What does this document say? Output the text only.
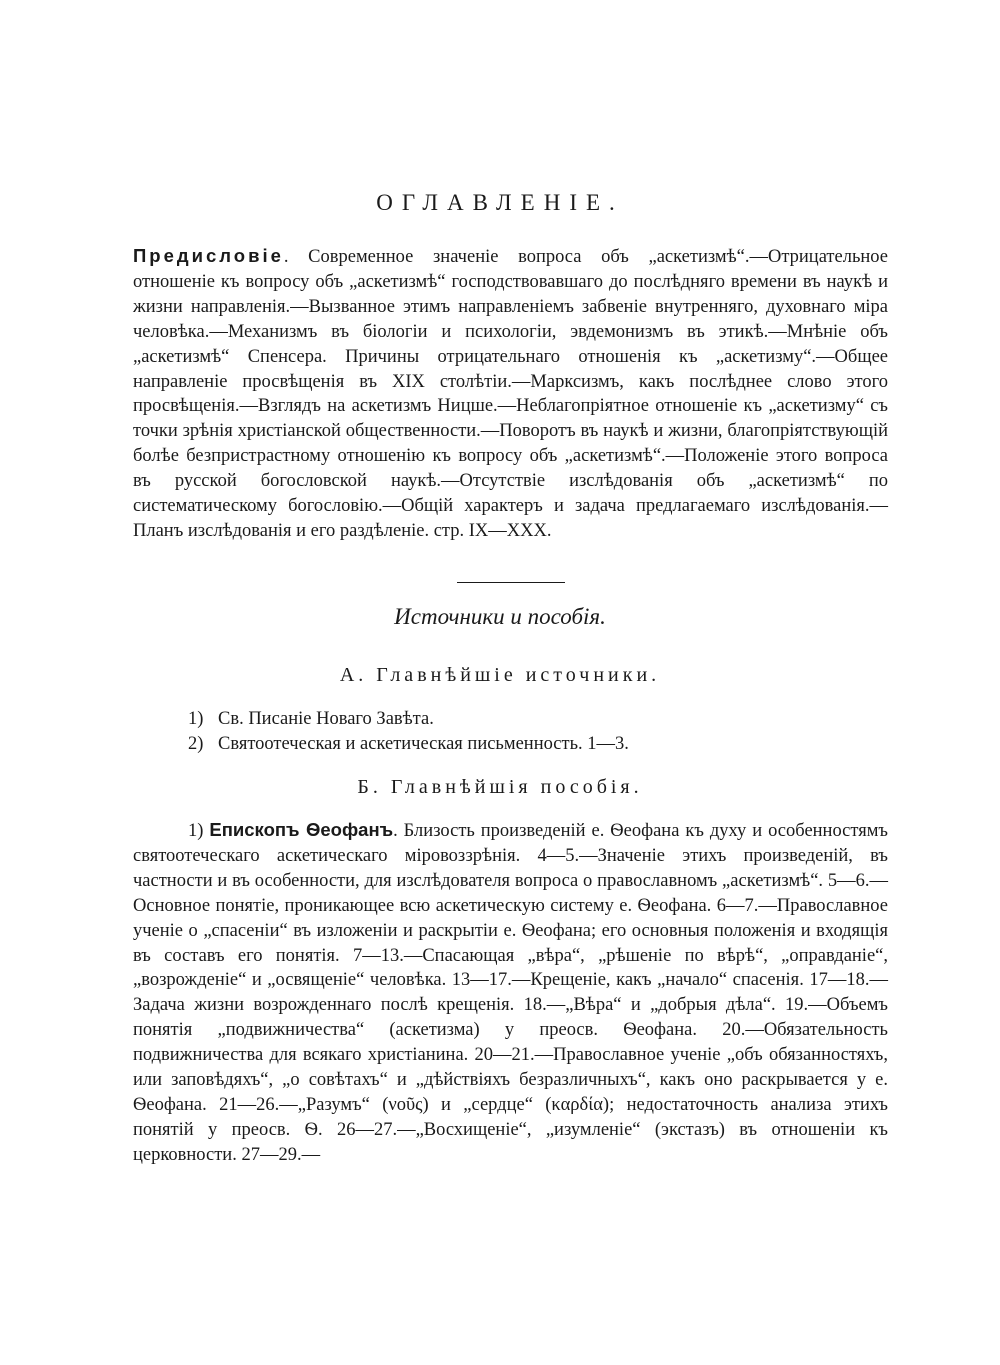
ОГЛАВЛЕНІЕ.
Предисловіе. Современное значеніе вопроса объ „аскетизмѣ“.—Отрицательное отношеніе къ вопросу объ „аскетизмѣ“ господствовавшаго до послѣдняго времени въ наукѣ и жизни направленія.—Вызванное этимъ направленіемъ забвеніе внутренняго, духовнаго міра человѣка.—Механизмъ въ біологіи и психологіи, эвдемонизмъ въ этикѣ.—Мнѣніе объ „аскетизмѣ“ Спенсера. Причины отрицательнаго отношенія къ „аскетизму“.—Общее направленіе просвѣщенія въ XIX столѣтіи.—Марксизмъ, какъ послѣднее слово этого просвѣщенія.—Взглядъ на аскетизмъ Ницше.—Неблагопріятное отношеніе къ „аскетизму“ съ точки зрѣнія христіанской общественности.—Поворотъ въ наукѣ и жизни, благопріятствующій болѣе безпристрастному отношенію къ вопросу объ „аскетизмѣ“.—Положеніе этого вопроса въ русской богословской наукѣ.—Отсутствіе изслѣдованія объ „аскетизмѣ“ по систематическому богословію.—Общій характеръ и задача предлагаемаго изслѣдованія.—Планъ изслѣдованія и его раздѣленіе. стр. IX—XXX.
Источники и пособія.
А. Главнѣйшіе источники.
1) Св. Писаніе Новаго Завѣта.
2) Святоотеческая и аскетическая письменность. 1—3.
Б. Главнѣйшія пособія.
1) Епископъ Ѳеофанъ. Близость произведеній е. Ѳеофана къ духу и особенностямъ святоотеческаго аскетическаго міровоззрѣнія. 4—5.—Значеніе этихъ произведеній, въ частности и въ особенности, для изслѣдователя вопроса о православномъ „аскетизмѣ“. 5—6.—Основное понятіе, проникающее всю аскетическую систему е. Ѳеофана. 6—7.—Православное ученіе о „спасеніи“ въ изложеніи и раскрытіи е. Ѳеофана; его основныя положенія и входящія въ составъ его понятія. 7—13.—Спасающая „вѣра“, „рѣшеніе по вѣрѣ“, „оправданіе“, „возрожденіе“ и „освященіе“ человѣка. 13—17.—Крещеніе, какъ „начало“ спасенія. 17—18.—Задача жизни возрожденнаго послѣ крещенія. 18.—„Вѣра“ и „добрыя дѣла“. 19.—Объемъ понятія „подвижничества“ (аскетизма) у преосв. Ѳеофана. 20.—Обязательность подвижничества для всякаго христіанина. 20—21.—Православное ученіе „объ обязанностяхъ, или заповѣдяхъ“, „о совѣтахъ“ и „дѣйствіяхъ безразличныхъ“, какъ оно раскрывается у е. Ѳеофана. 21—26.—„Разумъ“ (νοῦς) и „сердце“ (καρδία); недостаточность анализа этихъ понятій у преосв. Ѳ. 26—27.—„Восхищеніе“, „изумленіе“ (экстазъ) въ отношеніи къ церковности. 27—29.—
